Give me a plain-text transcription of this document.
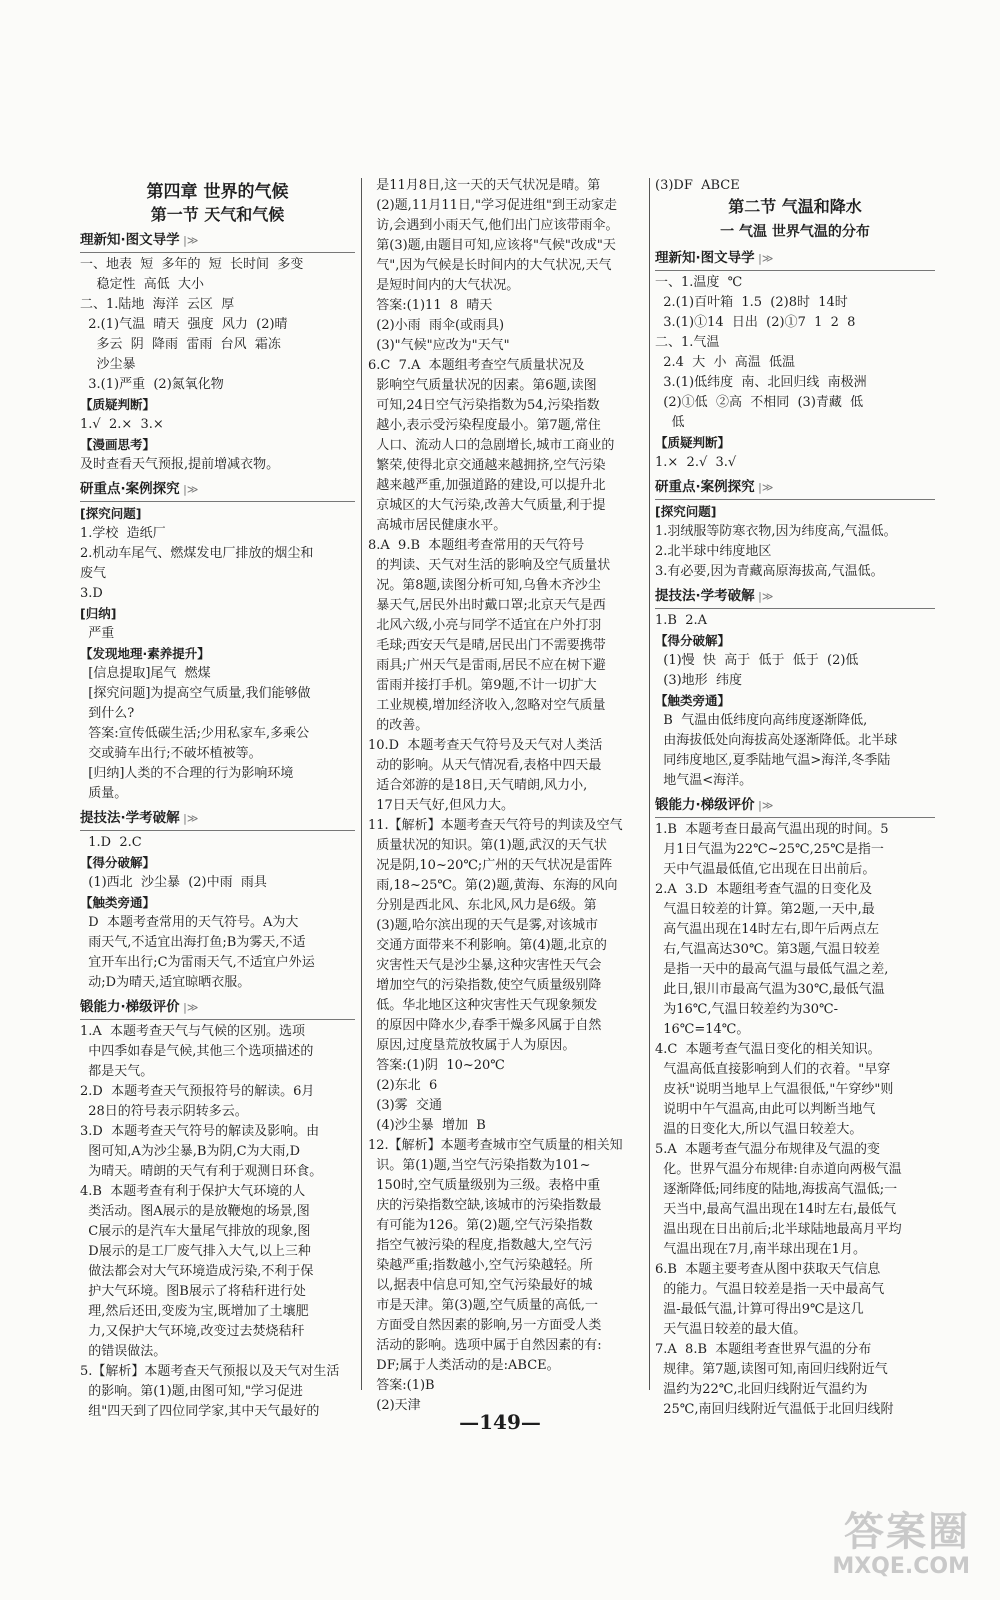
第四章 世界的气候

第一节 天气和气候

理新知·图文导学 |≫
一、地表  短  多年的  短  长时间  多变
稳定性  高低  大小
二、1.陆地  海洋  云区  厚
2.(1)气温  晴天  强度  风力  (2)晴
多云  阴  降雨  雷雨  台风  霜冻
沙尘暴
3.(1)严重  (2)氮氧化物
【质疑判断】
1.√  2.×  3.×
【漫画思考】
及时查看天气预报,提前增减衣物。
研重点·案例探究 |≫
[探究问题]
1.学校  造纸厂
2.机动车尾气、燃煤发电厂排放的烟尘和
废气
3.D
[归纳]
严重
【发现地理·素养提升】
[信息提取]尾气  燃煤
[探究问题]为提高空气质量,我们能够做
到什么?
答案:宣传低碳生活;少用私家车,多乘公
交或骑车出行;不破坏植被等。
[归纳]人类的不合理的行为影响环境
质量。
提技法·学考破解 |≫
1.D  2.C
【得分破解】
(1)西北  沙尘暴  (2)中雨  雨具
【触类旁通】
D  本题考查常用的天气符号。A为大
雨天气,不适宜出海打鱼;B为雾天,不适
宜开车出行;C为雷雨天气,不适宜户外运
动;D为晴天,适宜晾晒衣服。
锻能力·梯级评价 |≫
1.A  本题考查天气与气候的区别。选项
中四季如春是气候,其他三个选项描述的
都是天气。
2.D  本题考查天气预报符号的解读。6月
28日的符号表示阴转多云。
3.D  本题考查天气符号的解读及影响。由
图可知,A为沙尘暴,B为阴,C为大雨,D
为晴天。晴朗的天气有利于观测日环食。
4.B  本题考查有利于保护大气环境的人
类活动。图A展示的是放鞭炮的场景,图
C展示的是汽车大量尾气排放的现象,图
D展示的是工厂废气排入大气,以上三种
做法都会对大气环境造成污染,不利于保
护大气环境。图B展示了将秸秆进行处
理,然后还田,变废为宝,既增加了土壤肥
力,又保护大气环境,改变过去焚烧秸秆
的错误做法。
5.【解析】本题考查天气预报以及天气对生活
的影响。第(1)题,由图可知,"学习促进
组"四天到了四位同学家,其中天气最好的
是11月8日,这一天的天气状况是晴。第
(2)题,11月11日,"学习促进组"到王动家走
访,会遇到小雨天气,他们出门应该带雨伞。
第(3)题,由题目可知,应该将"气候"改成"天
气",因为气候是长时间内的大气状况,天气
是短时间内的大气状况。
答案:(1)11  8  晴天
(2)小雨  雨伞(或雨具)
(3)"气候"应改为"天气"
6.C  7.A  本题组考查空气质量状况及
影响空气质量状况的因素。第6题,读图
可知,24日空气污染指数为54,污染指数
越小,表示受污染程度最小。第7题,常住
人口、流动人口的急剧增长,城市工商业的
繁荣,使得北京交通越来越拥挤,空气污染
越来越严重,加强道路的建设,可以提升北
京城区的大气污染,改善大气质量,利于提
高城市居民健康水平。
8.A  9.B  本题组考查常用的天气符号
的判读、天气对生活的影响及空气质量状
况。第8题,读图分析可知,乌鲁木齐沙尘
暴天气,居民外出时戴口罩;北京天气是西
北风六级,小亮与同学不适宜在户外打羽
毛球;西安天气是晴,居民出门不需要携带
雨具;广州天气是雷雨,居民不应在树下避
雷雨并接打手机。第9题,不计一切扩大
工业规模,增加经济收入,忽略对空气质量
的改善。
10.D  本题考查天气符号及天气对人类活
动的影响。从天气情况看,表格中四天最
适合郊游的是18日,天气晴朗,风力小,
17日天气好,但风力大。
11.【解析】本题考查天气符号的判读及空气
质量状况的知识。第(1)题,武汉的天气状
况是阴,10~20℃;广州的天气状况是雷阵
雨,18~25℃。第(2)题,黄海、东海的风向
分别是西北风、东北风,风力是6级。第
(3)题,哈尔滨出现的天气是雾,对该城市
交通方面带来不利影响。第(4)题,北京的
灾害性天气是沙尘暴,这种灾害性天气会
增加空气的污染指数,使空气质量级别降
低。华北地区这种灾害性天气现象频发
的原因中降水少,春季干燥多风属于自然
原因,过度垦荒放牧属于人为原因。
答案:(1)阴  10~20℃
(2)东北  6
(3)雾  交通
(4)沙尘暴  增加  B
12.【解析】本题考查城市空气质量的相关知
识。第(1)题,当空气污染指数为101~
150时,空气质量级别为三级。表格中重
庆的污染指数空缺,该城市的污染指数最
有可能为126。第(2)题,空气污染指数
指空气被污染的程度,指数越大,空气污
染越严重;指数越小,空气污染越轻。所
以,据表中信息可知,空气污染最好的城
市是天津。第(3)题,空气质量的高低,一
方面受自然因素的影响,另一方面受人类
活动的影响。选项中属于自然因素的有:
DF;属于人类活动的是:ABCE。
答案:(1)B
(2)天津

(3)DF  ABCE

第二节 气温和降水

一 气温 世界气温的分布

理新知·图文导学 |≫
一、1.温度  ℃
2.(1)百叶箱  1.5  (2)8时  14时
3.(1)①14  日出  (2)①7  1  2  8
二、1.气温
2.4  大  小  高温  低温
3.(1)低纬度  南、北回归线  南极洲
(2)①低  ②高  不相同  (3)青藏  低
低
【质疑判断】
1.×  2.√  3.√
研重点·案例探究 |≫
[探究问题]
1.羽绒服等防寒衣物,因为纬度高,气温低。
2.北半球中纬度地区
3.有必要,因为青藏高原海拔高,气温低。
提技法·学考破解 |≫
1.B  2.A
【得分破解】
(1)慢  快  高于  低于  低于  (2)低
(3)地形  纬度
【触类旁通】
B  气温由低纬度向高纬度逐渐降低,
由海拔低处向海拔高处逐渐降低。北半球
同纬度地区,夏季陆地气温>海洋,冬季陆
地气温<海洋。
锻能力·梯级评价 |≫
1.B  本题考查日最高气温出现的时间。5
月1日气温为22℃~25℃,25℃是指一
天中气温最低值,它出现在日出前后。
2.A  3.D  本题组考查气温的日变化及
气温日较差的计算。第2题,一天中,最
高气温出现在14时左右,即午后两点左
右,气温高达30℃。第3题,气温日较差
是指一天中的最高气温与最低气温之差,
此日,银川市最高气温为30℃,最低气温
为16℃,气温日较差约为30℃-
16℃=14℃。
4.C  本题考查气温日变化的相关知识。
气温高低直接影响到人们的衣着。"早穿
皮袄"说明当地早上气温很低,"午穿纱"则
说明中午气温高,由此可以判断当地气
温的日变化大,所以气温日较差大。
5.A  本题考查气温分布规律及气温的变
化。世界气温分布规律:自赤道向两极气温
逐渐降低;同纬度的陆地,海拔高气温低;一
天当中,最高气温出现在14时左右,最低气
温出现在日出前后;北半球陆地最高月平均
气温出现在7月,南半球出现在1月。
6.B  本题主要考查从图中获取天气信息
的能力。气温日较差是指一天中最高气
温-最低气温,计算可得出9℃是这几
天气温日较差的最大值。
7.A  8.B  本题组考查世界气温的分布
规律。第7题,读图可知,南回归线附近气
温约为22℃,北回归线附近气温约为
25℃,南回归线附近气温低于北回归线附
—149—
答案圈
MXQE.COM
